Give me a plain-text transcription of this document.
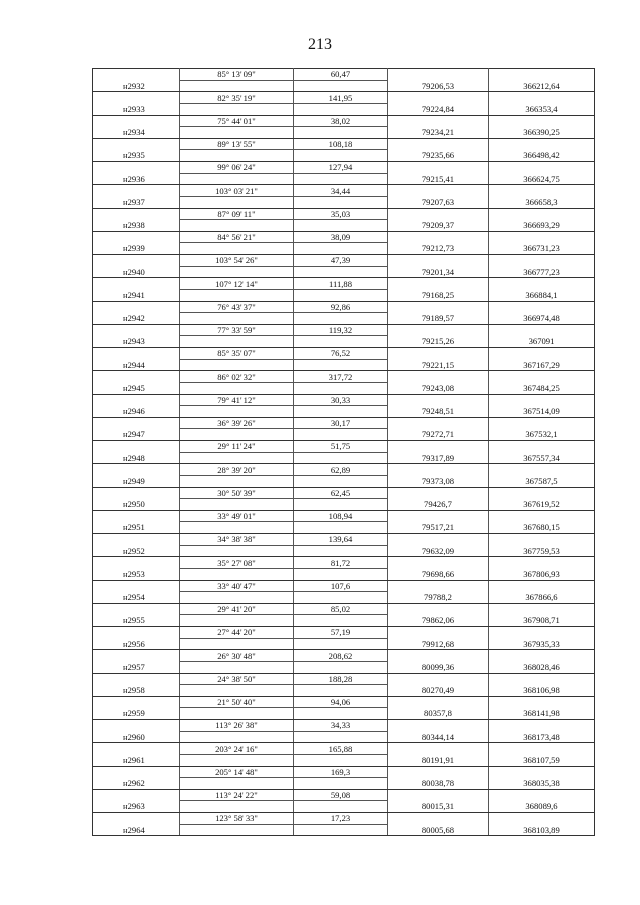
213
	85° 13' 09"	60,47		
н2932			79206,53	366212,64
	82° 35' 19"	141,95		
н2933			79224,84	366353,4
	75° 44' 01"	38,02		
н2934			79234,21	366390,25
	89° 13' 55"	108,18		
н2935			79235,66	366498,42
	99° 06' 24"	127,94		
н2936			79215,41	366624,75
	103° 03' 21"	34,44		
н2937			79207,63	366658,3
	87° 09' 11"	35,03		
н2938			79209,37	366693,29
	84° 56' 21"	38,09		
н2939			79212,73	366731,23
	103° 54' 26"	47,39		
н2940			79201,34	366777,23
	107° 12' 14"	111,88		
н2941			79168,25	366884,1
	76° 43' 37"	92,86		
н2942			79189,57	366974,48
	77° 33' 59"	119,32		
н2943			79215,26	367091
	85° 35' 07"	76,52		
н2944			79221,15	367167,29
	86° 02' 32"	317,72		
н2945			79243,08	367484,25
	79° 41' 12"	30,33		
н2946			79248,51	367514,09
	36° 39' 26"	30,17		
н2947			79272,71	367532,1
	29° 11' 24"	51,75		
н2948			79317,89	367557,34
	28° 39' 20"	62,89		
н2949			79373,08	367587,5
	30° 50' 39"	62,45		
н2950			79426,7	367619,52
	33° 49' 01"	108,94		
н2951			79517,21	367680,15
	34° 38' 38"	139,64		
н2952			79632,09	367759,53
	35° 27' 08"	81,72		
н2953			79698,66	367806,93
	33° 40' 47"	107,6		
н2954			79788,2	367866,6
	29° 41' 20"	85,02		
н2955			79862,06	367908,71
	27° 44' 20"	57,19		
н2956			79912,68	367935,33
	26° 30' 48"	208,62		
н2957			80099,36	368028,46
	24° 38' 50"	188,28		
н2958			80270,49	368106,98
	21° 50' 40"	94,06		
н2959			80357,8	368141,98
	113° 26' 38"	34,33		
н2960			80344,14	368173,48
	203° 24' 16"	165,88		
н2961			80191,91	368107,59
	205° 14' 48"	169,3		
н2962			80038,78	368035,38
	113° 24' 22"	59,08		
н2963			80015,31	368089,6
	123° 58' 33"	17,23		
н2964			80005,68	368103,89
